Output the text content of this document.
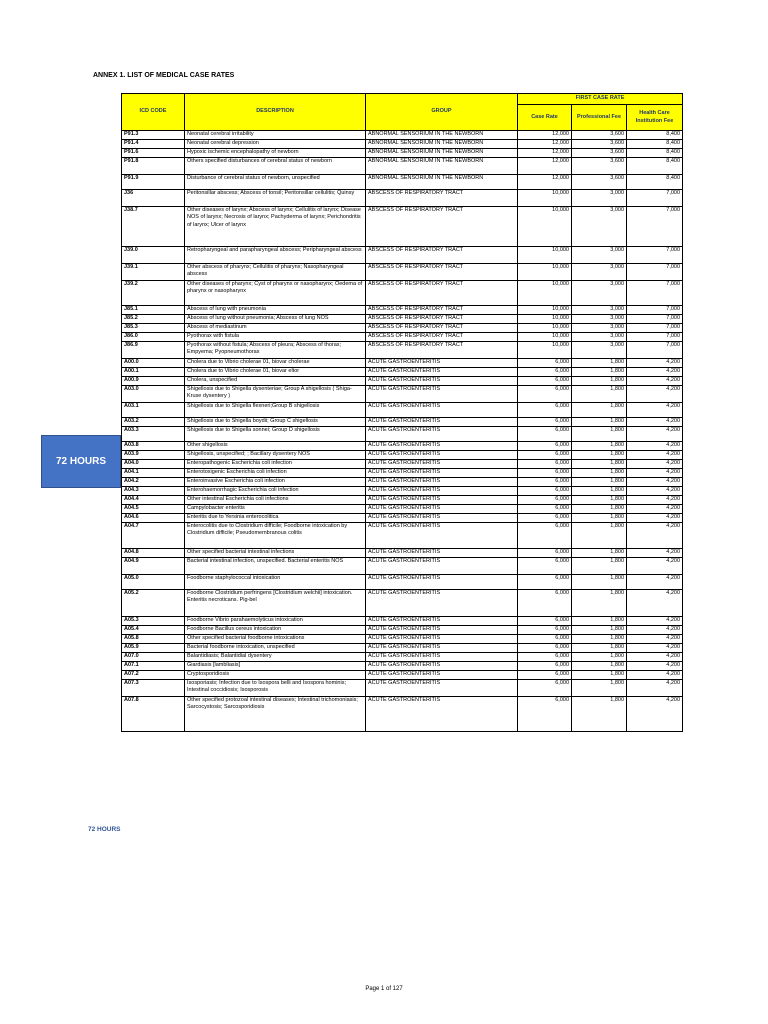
ANNEX 1. LIST OF MEDICAL CASE RATES
72 HOURS
72 HOURS
ICD CODE	DESCRIPTION	GROUP	FIRST CASE RATE		
			Case Rate	Professional Fee	Health Care Institution Fee
P91.3	Neonatal cerebral irritability	ABNORMAL SENSORIUM IN THE NEWBORN	12,000	3,600	8,400
P91.4	Neonatal cerebral depression	ABNORMAL SENSORIUM IN THE NEWBORN	12,000	3,600	8,400
P91.6	Hypoxic ischemic encephalopathy of newborn	ABNORMAL SENSORIUM IN THE NEWBORN	12,000	3,600	8,400
P91.8	Others specified disturbances of cerebral status of newborn	ABNORMAL SENSORIUM IN THE NEWBORN	12,000	3,600	8,400
P91.9	Disturbance of cerebral status of newborn, unspecified	ABNORMAL SENSORIUM IN THE NEWBORN	12,000	3,600	8,400
J36	Peritonsillar abscess; Abscess of tonsil; Peritonsillar cellulitis; Quinsy	ABSCESS OF RESPIRATORY TRACT	10,000	3,000	7,000
J38.7	Other diseases of larynx; Abscess of larynx; Cellulitis of larynx; Disease NOS of larynx; Necrosis of larynx; Pachyderma of larynx; Perichondritis of larynx; Ulcer of larynx	ABSCESS OF RESPIRATORY TRACT	10,000	3,000	7,000
J39.0	Retropharyngeal and parapharyngeal abscess; Peripharyngeal abscess	ABSCESS OF RESPIRATORY TRACT	10,000	3,000	7,000
J39.1	Other abscess of pharynx; Cellulitis of pharynx; Nasopharyngeal abscess	ABSCESS OF RESPIRATORY TRACT	10,000	3,000	7,000
J39.2	Other diseases of pharynx; Cyst of pharynx or nasopharynx; Oedema of pharynx or nasopharynx	ABSCESS OF RESPIRATORY TRACT	10,000	3,000	7,000
J85.1	Abscess of lung with pneumonia	ABSCESS OF RESPIRATORY TRACT	10,000	3,000	7,000
J85.2	Abscess of lung without pneumonia; Abscess of lung NOS	ABSCESS OF RESPIRATORY TRACT	10,000	3,000	7,000
J85.3	Abscess of mediastinum	ABSCESS OF RESPIRATORY TRACT	10,000	3,000	7,000
J86.0	Pyothorax with fistula	ABSCESS OF RESPIRATORY TRACT	10,000	3,000	7,000
J86.9	Pyothorax without fistula; Abscess of pleura; Abscess of thorax; Empyema; Pyopneumothorax	ABSCESS OF RESPIRATORY TRACT	10,000	3,000	7,000
A00.0	Cholera due to Vibrio cholerae 01, biovar cholerae	ACUTE GASTROENTERITIS	6,000	1,800	4,200
A00.1	Cholera due to Vibrio cholerae 01, biovar eltor	ACUTE GASTROENTERITIS	6,000	1,800	4,200
A00.9	Cholera, unspecified	ACUTE GASTROENTERITIS	6,000	1,800	4,200
A03.0	Shigellosis due to Shigella dysenteriae; Group A shigellosis ( Shiga-Kruse dysentery )	ACUTE GASTROENTERITIS	6,000	1,800	4,200
A03.1	Shigellosis due to Shigella flexneri;Group B shigellosis	ACUTE GASTROENTERITIS	6,000	1,800	4,200
A03.2	Shigellosis due to Shigella boydii; Group C shigellosis	ACUTE GASTROENTERITIS	6,000	1,800	4,200
A03.3	Shigellosis due to Shigella sonnei; Group D shigellosis	ACUTE GASTROENTERITIS	6,000	1,800	4,200
A03.8	Other shigellosis	ACUTE GASTROENTERITIS	6,000	1,800	4,200
A03.9	Shigellosis, unspecified; ; Bacillary dysentery NOS	ACUTE GASTROENTERITIS	6,000	1,800	4,200
A04.0	Enteropathogenic Escherichia coli infection	ACUTE GASTROENTERITIS	6,000	1,800	4,200
A04.1	Enterotoxigenic Escherichia coli infection	ACUTE GASTROENTERITIS	6,000	1,800	4,200
A04.2	Enteroinvasive Escherichia coli infection	ACUTE GASTROENTERITIS	6,000	1,800	4,200
A04.3	Enterohaemorrhagic Escherichia coli infection	ACUTE GASTROENTERITIS	6,000	1,800	4,200
A04.4	Other intestinal Escherichia coli infections	ACUTE GASTROENTERITIS	6,000	1,800	4,200
A04.5	Campylobacter enteritis	ACUTE GASTROENTERITIS	6,000	1,800	4,200
A04.6	Enteritis due to Yersinia enterocolitica	ACUTE GASTROENTERITIS	6,000	1,800	4,200
A04.7	Enterocolitis due to Clostridium difficile; Foodborne intoxication by Clostridium difficile; Pseudomembranous colitis	ACUTE GASTROENTERITIS	6,000	1,800	4,200
A04.8	Other specified bacterial intestinal infections	ACUTE GASTROENTERITIS	6,000	1,800	4,200
A04.9	Bacterial intestinal infection, unspecified. Bacterial enteritis NOS	ACUTE GASTROENTERITIS	6,000	1,800	4,200
A05.0	Foodborne staphylococcal intoxication	ACUTE GASTROENTERITIS	6,000	1,800	4,200
A05.2	Foodborne Clostridium perfringens [Clostridium welchii] intoxication. Enteritis necroticans. Pig-bel	ACUTE GASTROENTERITIS	6,000	1,800	4,200
A05.3	Foodborne Vibrio parahaemolyticus intoxication	ACUTE GASTROENTERITIS	6,000	1,800	4,200
A05.4	Foodborne Bacillus cereus intoxication	ACUTE GASTROENTERITIS	6,000	1,800	4,200
A05.8	Other specified bacterial foodborne intoxications	ACUTE GASTROENTERITIS	6,000	1,800	4,200
A05.9	Bacterial foodborne intoxication, unspecified	ACUTE GASTROENTERITIS	6,000	1,800	4,200
A07.0	Balantidiasis; Balantidial dysentery	ACUTE GASTROENTERITIS	6,000	1,800	4,200
A07.1	Giardiasis [lambliasis]	ACUTE GASTROENTERITIS	6,000	1,800	4,200
A07.2	Cryptosporidiosis	ACUTE GASTROENTERITIS	6,000	1,800	4,200
A07.3	Isosporiasis; Infection due to Isospora belli and Isospora hominis; Intestinal coccidiosis; Isosporosis	ACUTE GASTROENTERITIS	6,000	1,800	4,200
A07.8	Other specified protozoal intestinal diseases; Intestinal trichomoniasis; Sarcocystosis; Sarcosporidiosis	ACUTE GASTROENTERITIS	6,000	1,800	4,200
Page 1 of 127
